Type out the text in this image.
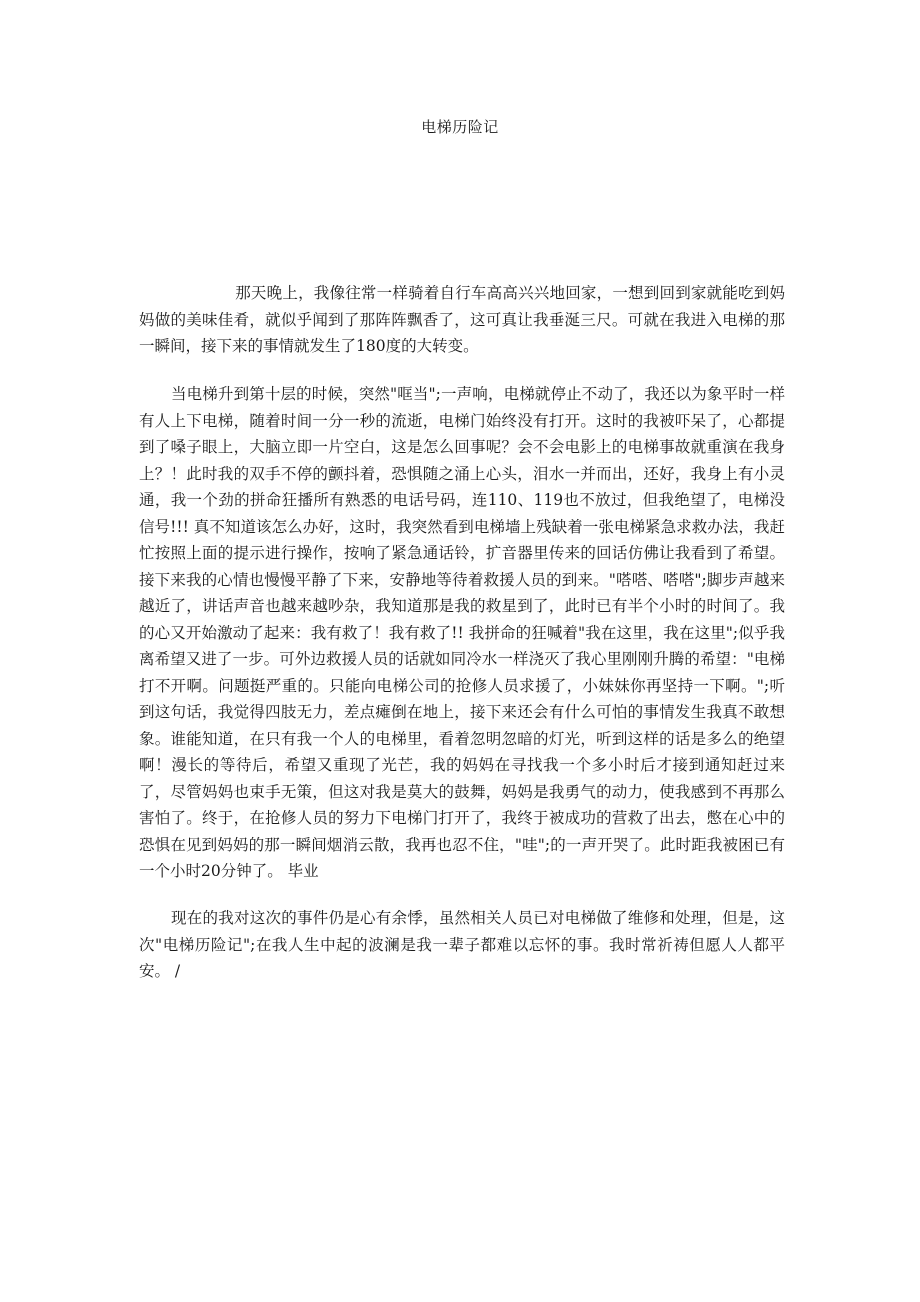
电梯历险记

那天晚上，我像往常一样骑着自行车高高兴兴地回家，一想到回到家就能吃到妈妈做的美味佳肴，就似乎闻到了那阵阵飘香了，这可真让我垂涎三尺。可就在我进入电梯的那一瞬间，接下来的事情就发生了180度的大转变。

当电梯升到第十层的时候，突然"哐当";一声响，电梯就停止不动了，我还以为象平时一样有人上下电梯，随着时间一分一秒的流逝，电梯门始终没有打开。这时的我被吓呆了，心都提到了嗓子眼上，大脑立即一片空白，这是怎么回事呢？会不会电影上的电梯事故就重演在我身上？！此时我的双手不停的颤抖着，恐惧随之涌上心头，泪水一并而出，还好，我身上有小灵通，我一个劲的拼命狂播所有熟悉的电话号码，连110、119也不放过，但我绝望了，电梯没信号!!! 真不知道该怎么办好，这时，我突然看到电梯墙上残缺着一张电梯紧急求救办法，我赶忙按照上面的提示进行操作，按响了紧急通话铃，扩音器里传来的回话仿佛让我看到了希望。接下来我的心情也慢慢平静了下来，安静地等待着救援人员的到来。"嗒嗒、嗒嗒";脚步声越来越近了，讲话声音也越来越吵杂，我知道那是我的救星到了，此时已有半个小时的时间了。我的心又开始激动了起来：我有救了！我有救了!! 我拼命的狂喊着"我在这里，我在这里";似乎我离希望又进了一步。可外边救援人员的话就如同冷水一样浇灭了我心里刚刚升腾的希望："电梯打不开啊。问题挺严重的。只能向电梯公司的抢修人员求援了，小妹妹你再坚持一下啊。";听到这句话，我觉得四肢无力，差点瘫倒在地上，接下来还会有什么可怕的事情发生我真不敢想象。谁能知道，在只有我一个人的电梯里，看着忽明忽暗的灯光，听到这样的话是多么的绝望啊！漫长的等待后，希望又重现了光芒，我的妈妈在寻找我一个多小时后才接到通知赶过来了，尽管妈妈也束手无策，但这对我是莫大的鼓舞，妈妈是我勇气的动力，使我感到不再那么害怕了。终于，在抢修人员的努力下电梯门打开了，我终于被成功的营救了出去，憋在心中的恐惧在见到妈妈的那一瞬间烟消云散，我再也忍不住，"哇";的一声开哭了。此时距我被困已有一个小时20分钟了。 毕业

现在的我对这次的事件仍是心有余悸，虽然相关人员已对电梯做了维修和处理，但是，这次"电梯历险记";在我人生中起的波澜是我一辈子都难以忘怀的事。我时常祈祷但愿人人都平安。 /
